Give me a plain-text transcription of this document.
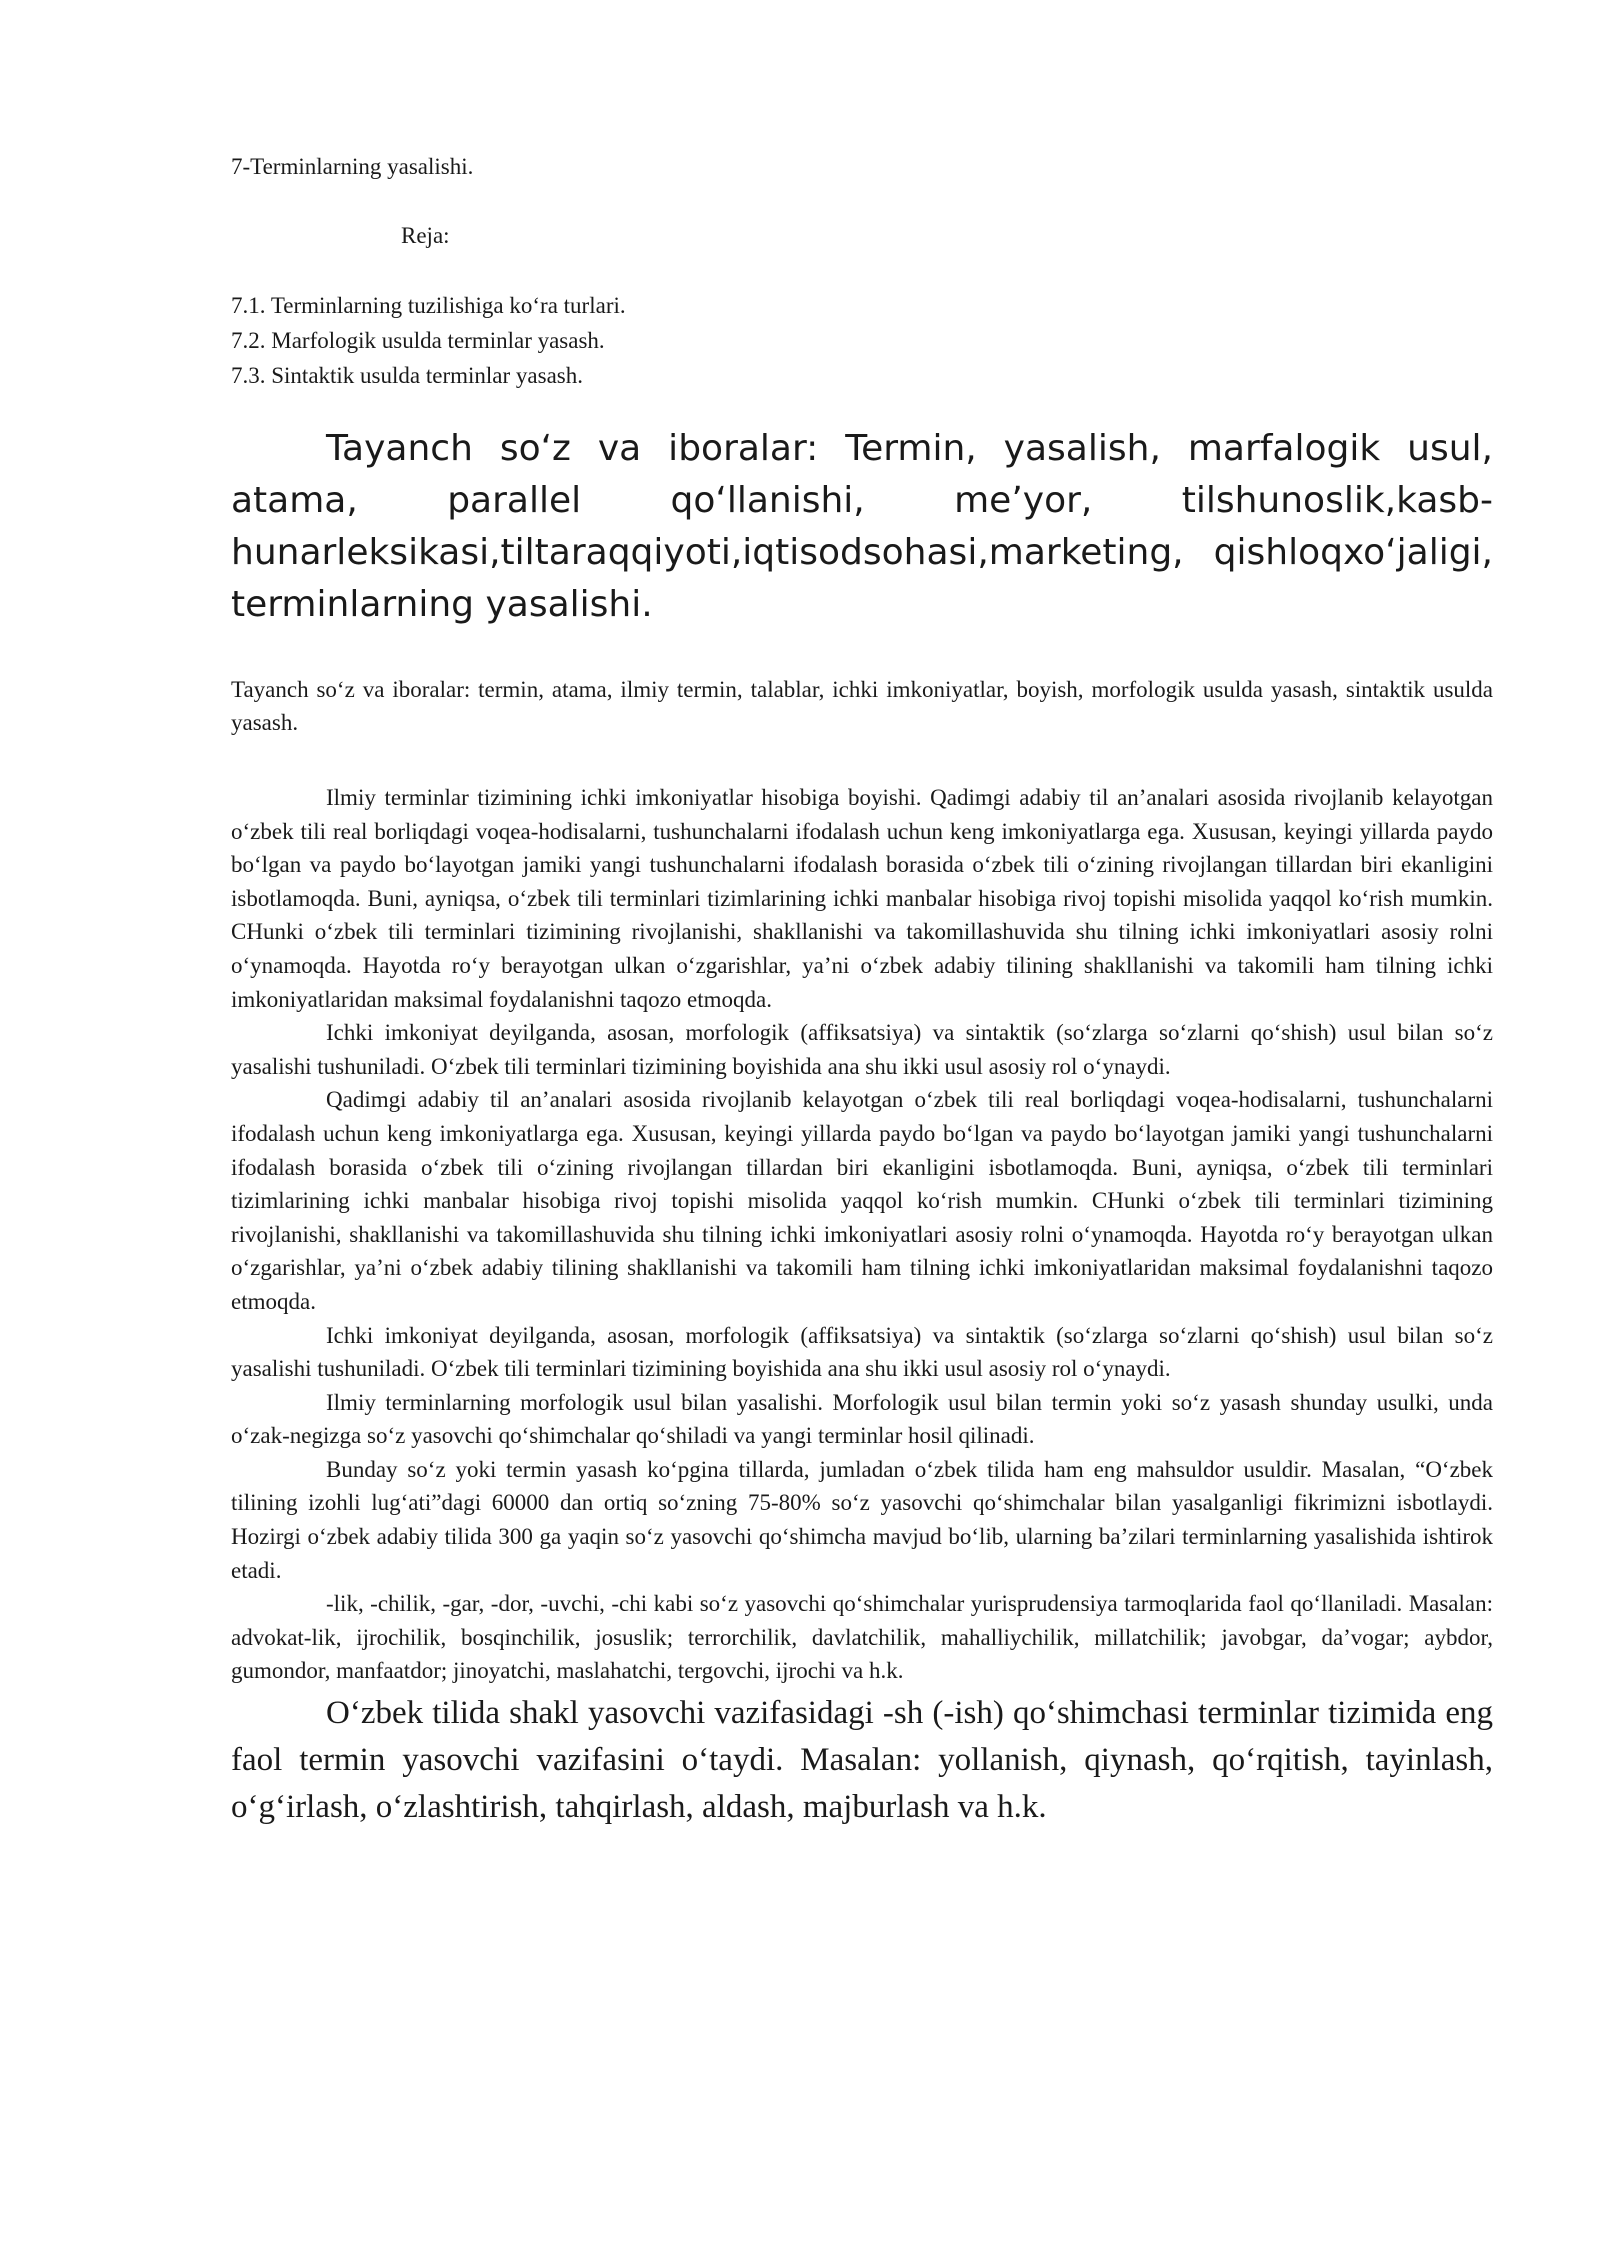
7-Terminlarning yasalishi.

Reja:

7.1. Terminlarning tuzilishiga ko‘ra turlari.
7.2. Marfologik usulda terminlar yasash.
7.3. Sintaktik usulda terminlar yasash.

Tayanch so‘z va iboralar: Termin, yasalish, marfalogik usul, atama, parallel qo‘llanishi, me’yor, tilshunoslik,kasb-hunarleksikasi,tiltaraqqiyoti,iqtisodsohasi,marketing, qishloqxo‘jaligi, terminlarning yasalishi.

Tayanch so‘z va iboralar: termin, atama, ilmiy termin, talablar, ichki imkoniyatlar, boyish, morfologik usulda yasash, sintaktik usulda yasash.

Ilmiy terminlar tizimining ichki imkoniyatlar hisobiga boyishi. Qadimgi adabiy til an’analari asosida rivojlanib kelayotgan o‘zbek tili real borliqdagi voqea-hodisalarni, tushunchalarni ifodalash uchun keng imkoniyatlarga ega. Xususan, keyingi yillarda paydo bo‘lgan va paydo bo‘layotgan jamiki yangi tushunchalarni ifodalash borasida o‘zbek tili o‘zining rivojlangan tillardan biri ekanligini isbotlamoqda. Buni, ayniqsa, o‘zbek tili terminlari tizimlarining ichki manbalar hisobiga rivoj topishi misolida yaqqol ko‘rish mumkin. CHunki o‘zbek tili terminlari tizimining rivojlanishi, shakllanishi va takomillashuvida shu tilning ichki imkoniyatlari asosiy rolni o‘ynamoqda. Hayotda ro‘y berayotgan ulkan o‘zgarishlar, ya’ni o‘zbek adabiy tilining shakllanishi va takomili ham tilning ichki imkoniyatlaridan maksimal foydalanishni taqozo etmoqda.

Ichki imkoniyat deyilganda, asosan, morfologik (affiksatsiya) va sintaktik (so‘zlarga so‘zlarni qo‘shish) usul bilan so‘z yasalishi tushuniladi. O‘zbek tili terminlari tizimining boyishida ana shu ikki usul asosiy rol o‘ynaydi.

Qadimgi adabiy til an’analari asosida rivojlanib kelayotgan o‘zbek tili real borliqdagi voqea-hodisalarni, tushunchalarni ifodalash uchun keng imkoniyatlarga ega. Xususan, keyingi yillarda paydo bo‘lgan va paydo bo‘layotgan jamiki yangi tushunchalarni ifodalash borasida o‘zbek tili o‘zining rivojlangan tillardan biri ekanligini isbotlamoqda. Buni, ayniqsa, o‘zbek tili terminlari tizimlarining ichki manbalar hisobiga rivoj topishi misolida yaqqol ko‘rish mumkin. CHunki o‘zbek tili terminlari tizimining rivojlanishi, shakllanishi va takomillashuvida shu tilning ichki imkoniyatlari asosiy rolni o‘ynamoqda. Hayotda ro‘y berayotgan ulkan o‘zgarishlar, ya’ni o‘zbek adabiy tilining shakllanishi va takomili ham tilning ichki imkoniyatlaridan maksimal foydalanishni taqozo etmoqda.

Ichki imkoniyat deyilganda, asosan, morfologik (affiksatsiya) va sintaktik (so‘zlarga so‘zlarni qo‘shish) usul bilan so‘z yasalishi tushuniladi. O‘zbek tili terminlari tizimining boyishida ana shu ikki usul asosiy rol o‘ynaydi.

Ilmiy terminlarning morfologik usul bilan yasalishi. Morfologik usul bilan termin yoki so‘z yasash shunday usulki, unda o‘zak-negizga so‘z yasovchi qo‘shimchalar qo‘shiladi va yangi terminlar hosil qilinadi.

Bunday so‘z yoki termin yasash ko‘pgina tillarda, jumladan o‘zbek tilida ham eng mahsuldor usuldir. Masalan, “O‘zbek tilining izohli lug‘ati”dagi 60000 dan ortiq so‘zning 75-80% so‘z yasovchi qo‘shimchalar bilan yasalganligi fikrimizni isbotlaydi. Hozirgi o‘zbek adabiy tilida 300 ga yaqin so‘z yasovchi qo‘shimcha mavjud bo‘lib, ularning ba’zilari terminlarning yasalishida ishtirok etadi.

-lik, -chilik, -gar, -dor, -uvchi, -chi kabi so‘z yasovchi qo‘shimchalar yurisprudensiya tarmoqlarida faol qo‘llaniladi. Masalan: advokat-lik, ijrochilik, bosqinchilik, josuslik; terrorchilik, davlatchilik, mahalliychilik, millatchilik; javobgar, da’vogar; aybdor, gumondor, manfaatdor; jinoyatchi, maslahatchi, tergovchi, ijrochi va h.k.

O‘zbek tilida shakl yasovchi vazifasidagi -sh (-ish) qo‘shimchasi terminlar tizimida eng faol termin yasovchi vazifasini o‘taydi. Masalan: yollanish, qiynash, qo‘rqitish, tayinlash, o‘g‘irlash, o‘zlashtirish, tahqirlash, aldash, majburlash va h.k.
